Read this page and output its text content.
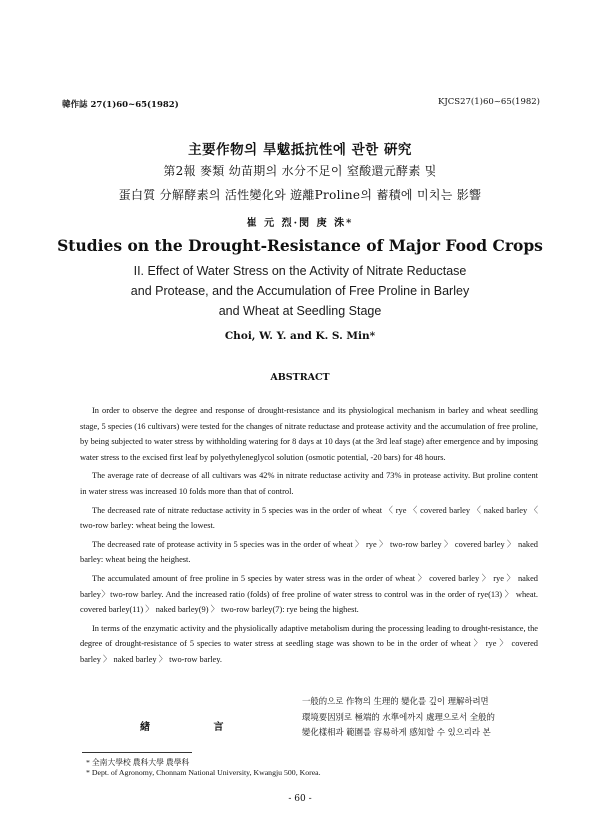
韓作誌 27(1)60~65(1982)	KJCS27(1)60~65(1982)
主要作物의 旱魃抵抗性에 관한 硏究
第2報 麥類 幼苗期의 水分不足이 窒酸還元酵素 및
蛋白質 分解酵素의 活性變化와 遊離Proline의 蓄積에 미치는 影響
崔 元 烈·閔 庚 洙*
Studies on the Drought-Resistance of Major Food Crops
II. Effect of Water Stress on the Activity of Nitrate Reductase
and Protease, and the Accumulation of Free Proline in Barley
and Wheat at Seedling Stage
Choi, W. Y. and K. S. Min*
ABSTRACT

In order to observe the degree and response of drought-resistance and its physiological mechanism in barley and wheat seedling stage, 5 species (16 cultivars) were tested for the changes of nitrate reductase and protease activity and the accumulation of free proline, by being subjected to water stress by withholding watering for 8 days at 10 days (at the 3rd leaf stage) after emergence and by imposing water stress to the excised first leaf by polyethyleneglycol solution (osmotic potential, -20 bars) for 48 hours.

The average rate of decrease of all cultivars was 42% in nitrate reductase activity and 73% in protease activity. But proline content in water stress was increased 10 folds more than that of control.

The decreased rate of nitrate reductase activity in 5 species was in the order of wheat 〈 rye 〈 covered barley 〈 naked barley 〈 two-row barley: wheat being the lowest.

The decreased rate of protease activity in 5 species was in the order of wheat 〉 rye 〉 two-row barley 〉 covered barley 〉 naked barley: wheat being the heighest.

The accumulated amount of free proline in 5 species by water stress was in the order of wheat 〉 covered barley 〉 rye 〉 naked barley〉two-row barley. And the increased ratio (folds) of free proline of water stress to control was in the order of rye(13) 〉 wheat. covered barley(11) 〉 naked barley(9) 〉 two-row barley(7): rye being the highest.

In terms of the enzymatic activity and the physiolically adaptive metabolism during the processing leading to drought-resistance, the degree of drought-resistance of 5 species to water stress at seedling stage was shown to be in the order of wheat 〉 rye 〉 covered barley 〉 naked barley 〉 two-row barley.

緖 言

一般的으로 作物의 生理的 變化를 깊이 理解하려면

環境要因別로 極端的 水準에까지 處理으로서 全般的

變化樣相과 範圍를 容易하게 感知할 수 있으리라 본

* 全南大學校 農科大學 農學科
* Dept. of Agronomy, Chonnam National University, Kwangju 500, Korea.
- 60 -
